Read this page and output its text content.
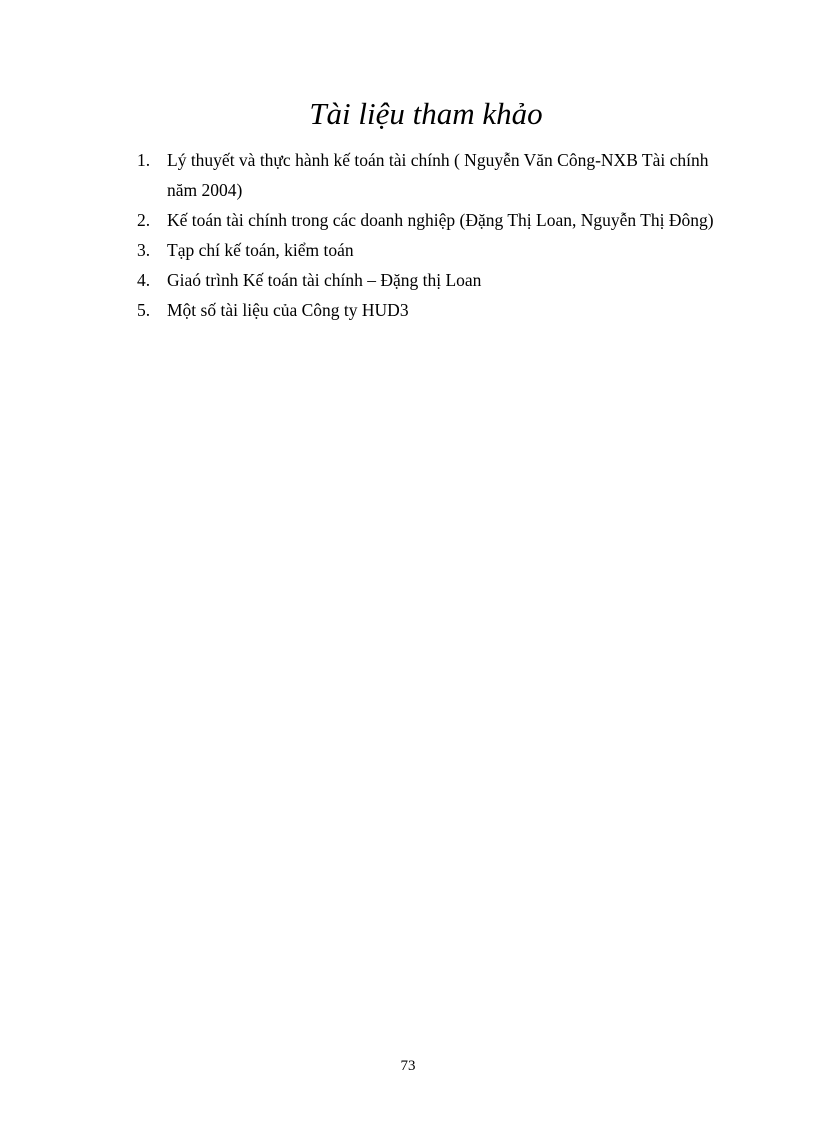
Tài liệu tham khảo
1. Lý thuyết và thực hành kế toán tài chính ( Nguyễn Văn Công-NXB Tài chính năm 2004)
2. Kế toán tài chính trong các doanh nghiệp (Đặng Thị Loan, Nguyễn Thị Đông)
3. Tạp chí kế toán, kiểm toán
4. Giaó trình Kế toán tài chính – Đặng thị Loan
5. Một số tài liệu của Công ty HUD3
73
